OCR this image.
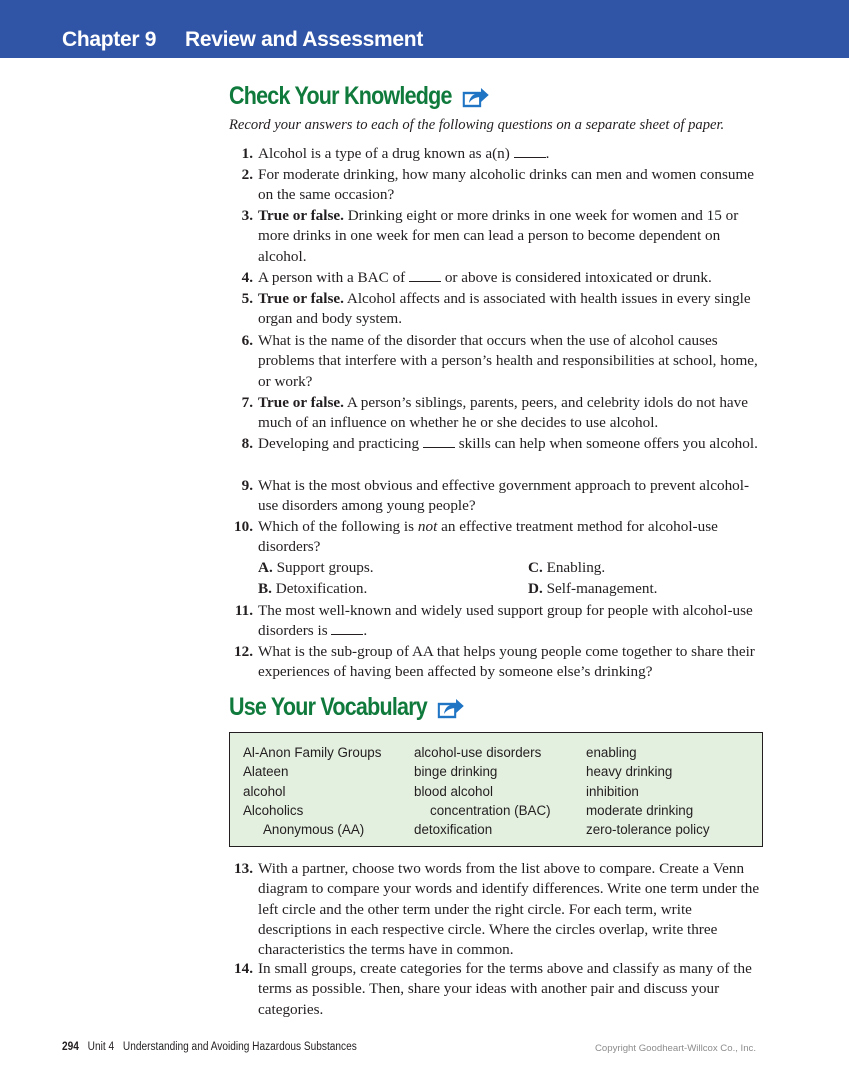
Chapter 9 Review and Assessment
Check Your Knowledge
Record your answers to each of the following questions on a separate sheet of paper.
1. Alcohol is a type of a drug known as a(n) .
2. For moderate drinking, how many alcoholic drinks can men and women consume on the same occasion?
3. True or false. Drinking eight or more drinks in one week for women and 15 or more drinks in one week for men can lead a person to become dependent on alcohol.
4. A person with a BAC of  or above is considered intoxicated or drunk.
5. True or false. Alcohol affects and is associated with health issues in every single organ and body system.
6. What is the name of the disorder that occurs when the use of alcohol causes problems that interfere with a person’s health and responsibilities at school, home, or work?
7. True or false. A person’s siblings, parents, peers, and celebrity idols do not have much of an influence on whether he or she decides to use alcohol.
8. Developing and practicing  skills can help when someone offers you alcohol.
9. What is the most obvious and effective government approach to prevent alcohol-use disorders among young people?
10. Which of the following is not an effective treatment method for alcohol-use disorders?
A. Support groups.
B. Detoxification.
C. Enabling.
D. Self-management.
11. The most well-known and widely used support group for people with alcohol-use disorders is .
12. What is the sub-group of AA that helps young people come together to share their experiences of having been affected by someone else’s drinking?
Use Your Vocabulary
Al-Anon Family Groups
Alateen
alcohol
Alcoholics
Anonymous (AA)
alcohol-use disorders
binge drinking
blood alcohol
concentration (BAC)
detoxification
enabling
heavy drinking
inhibition
moderate drinking
zero-tolerance policy
13. With a partner, choose two words from the list above to compare. Create a Venn diagram to compare your words and identify differences. Write one term under the left circle and the other term under the right circle. For each term, write descriptions in each respective circle. Where the circles overlap, write three characteristics the terms have in common.
14. In small groups, create categories for the terms above and classify as many of the terms as possible. Then, share your ideas with another pair and discuss your categories.
294 Unit 4 Understanding and Avoiding Hazardous Substances	Copyright Goodheart-Willcox Co., Inc.
